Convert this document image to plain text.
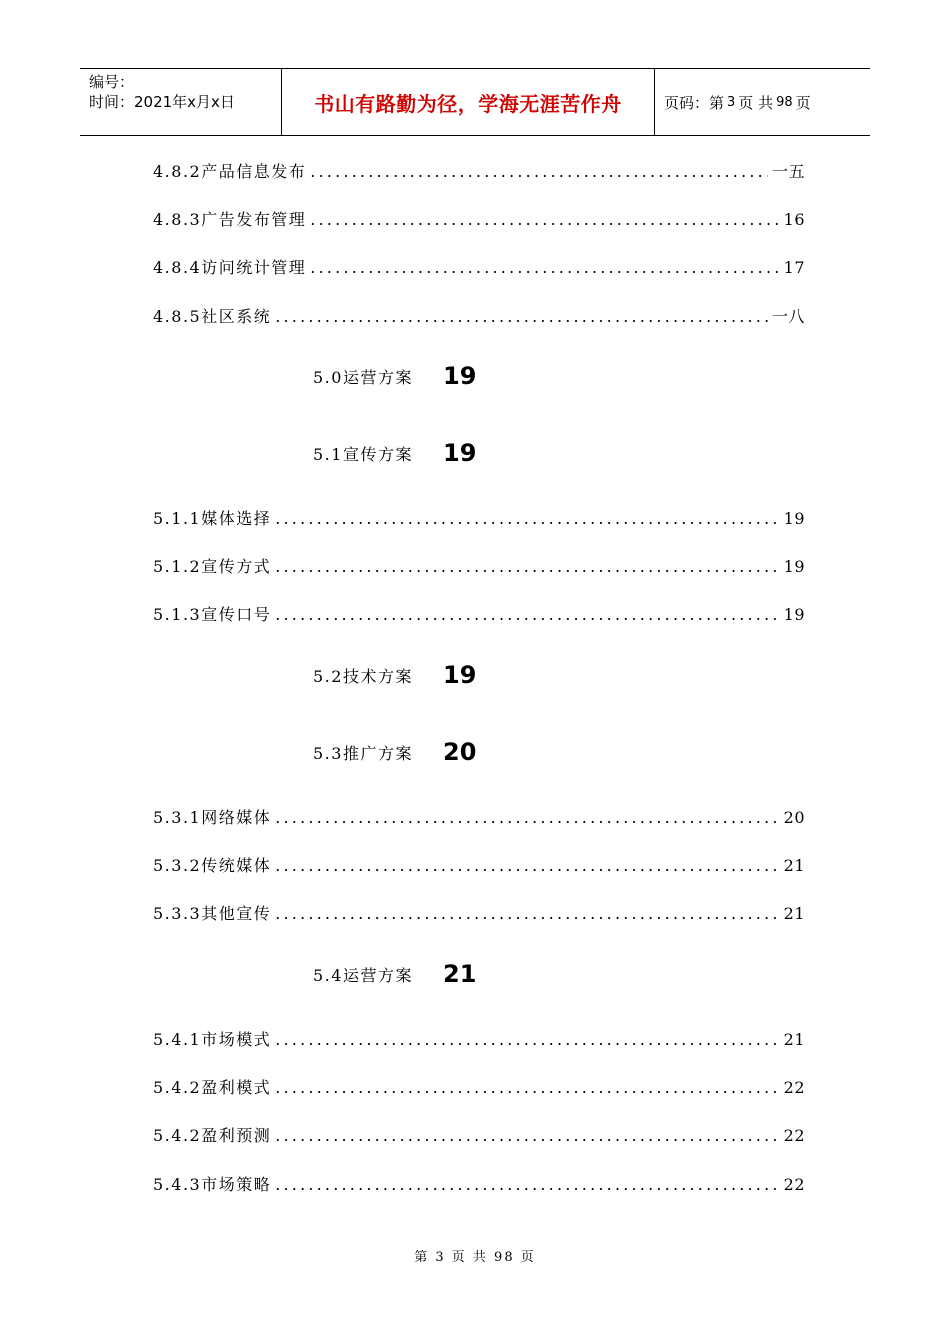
编号：
时间：2021年x月x日	书山有路勤为径，学海无涯苦作舟	页码：第 3 页 共 98 页
4.8.2产品信息发布 .....	一五
4.8.3广告发布管理 .....	16
4.8.4访问统计管理 .....	17
4.8.5社区系统 .....	一八
5.0运营方案	19
5.1宣传方案	19
5.1.1媒体选择 .....	19
5.1.2宣传方式 .....	19
5.1.3宣传口号 .....	19
5.2技术方案	19
5.3推广方案	20
5.3.1网络媒体 .....	20
5.3.2传统媒体 .....	21
5.3.3其他宣传 .....	21
5.4运营方案	21
5.4.1市场模式 .....	21
5.4.2盈利模式 .....	22
5.4.2盈利预测 .....	22
5.4.3市场策略 .....	22
第 3 页 共 98 页
